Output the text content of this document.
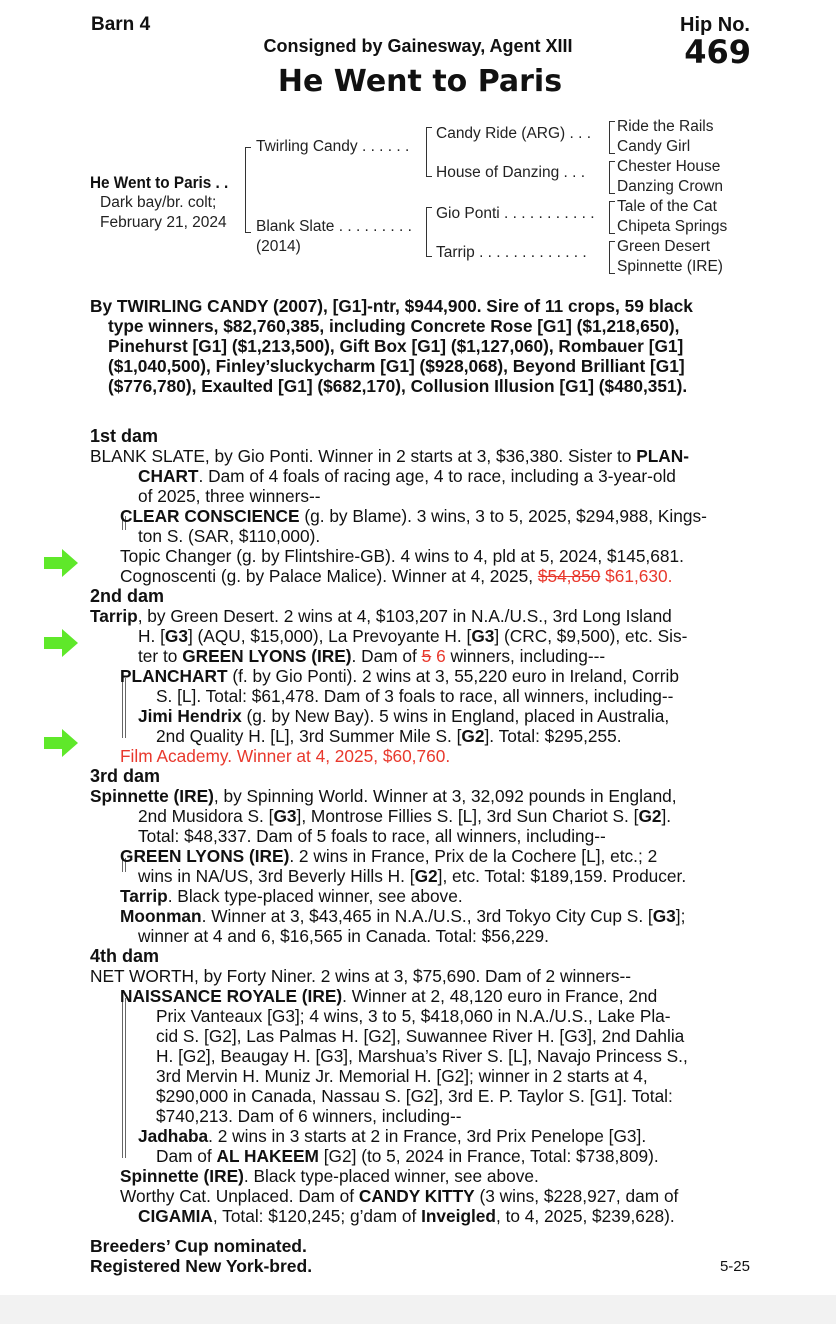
Barn 4	Hip No.
469
Consigned by Gainesway, Agent XIII
He Went to Paris
He Went to Paris . .
Dark bay/br. colt;
February 21, 2024
Twirling Candy . . . . . .
Blank Slate . . . . . . . . .
(2014)
Candy Ride (ARG) . . .
House of Danzing . . .
Gio Ponti . . . . . . . . . . .
Tarrip . . . . . . . . . . . . .
Ride the Rails
Candy Girl
Chester House
Danzing Crown
Tale of the Cat
Chipeta Springs
Green Desert
Spinnette (IRE)
By TWIRLING CANDY (2007), [G1]-ntr, $944,900. Sire of 11 crops, 59 black
type winners, $82,760,385, including Concrete Rose [G1] ($1,218,650),
Pinehurst [G1] ($1,213,500), Gift Box [G1] ($1,127,060), Rombauer [G1]
($1,040,500), Finley’sluckycharm [G1] ($928,068), Beyond Brilliant [G1]
($776,780), Exaulted [G1] ($682,170), Collusion Illusion [G1] ($480,351).
1st dam
BLANK SLATE, by Gio Ponti. Winner in 2 starts at 3, $36,380. Sister to PLAN-
CHART. Dam of 4 foals of racing age, 4 to race, including a 3-year-old
of 2025, three winners--
CLEAR CONSCIENCE (g. by Blame). 3 wins, 3 to 5, 2025, $294,988, Kings-
ton S. (SAR, $110,000).
Topic Changer (g. by Flintshire-GB). 4 wins to 4, pld at 5, 2024, $145,681.
Cognoscenti (g. by Palace Malice). Winner at 4, 2025, $54,850 $61,630.
2nd dam
Tarrip, by Green Desert. 2 wins at 4, $103,207 in N.A./U.S., 3rd Long Island
H. [G3] (AQU, $15,000), La Prevoyante H. [G3] (CRC, $9,500), etc. Sis-
ter to GREEN LYONS (IRE). Dam of 5 6 winners, including---
PLANCHART (f. by Gio Ponti). 2 wins at 3, 55,220 euro in Ireland, Corrib
S. [L]. Total: $61,478. Dam of 3 foals to race, all winners, including--
Jimi Hendrix (g. by New Bay). 5 wins in England, placed in Australia,
2nd Quality H. [L], 3rd Summer Mile S. [G2]. Total: $295,255.
Film Academy. Winner at 4, 2025, $60,760.
3rd dam
Spinnette (IRE), by Spinning World. Winner at 3, 32,092 pounds in England,
2nd Musidora S. [G3], Montrose Fillies S. [L], 3rd Sun Chariot S. [G2].
Total: $48,337. Dam of 5 foals to race, all winners, including--
GREEN LYONS (IRE). 2 wins in France, Prix de la Cochere [L], etc.; 2
wins in NA/US, 3rd Beverly Hills H. [G2], etc. Total: $189,159. Producer.
Tarrip. Black type-placed winner, see above.
Moonman. Winner at 3, $43,465 in N.A./U.S., 3rd Tokyo City Cup S. [G3];
winner at 4 and 6, $16,565 in Canada. Total: $56,229.
4th dam
NET WORTH, by Forty Niner. 2 wins at 3, $75,690. Dam of 2 winners--
NAISSANCE ROYALE (IRE). Winner at 2, 48,120 euro in France, 2nd
Prix Vanteaux [G3]; 4 wins, 3 to 5, $418,060 in N.A./U.S., Lake Pla-
cid S. [G2], Las Palmas H. [G2], Suwannee River H. [G3], 2nd Dahlia
H. [G2], Beaugay H. [G3], Marshua’s River S. [L], Navajo Princess S.,
3rd Mervin H. Muniz Jr. Memorial H. [G2]; winner in 2 starts at 4,
$290,000 in Canada, Nassau S. [G2], 3rd E. P. Taylor S. [G1]. Total:
$740,213. Dam of 6 winners, including--
Jadhaba. 2 wins in 3 starts at 2 in France, 3rd Prix Penelope [G3].
Dam of AL HAKEEM [G2] (to 5, 2024 in France, Total: $738,809).
Spinnette (IRE). Black type-placed winner, see above.
Worthy Cat. Unplaced. Dam of CANDY KITTY (3 wins, $228,927, dam of
CIGAMIA, Total: $120,245; g’dam of Inveigled, to 4, 2025, $239,628).
Breeders’ Cup nominated.
Registered New York-bred.	5-25
